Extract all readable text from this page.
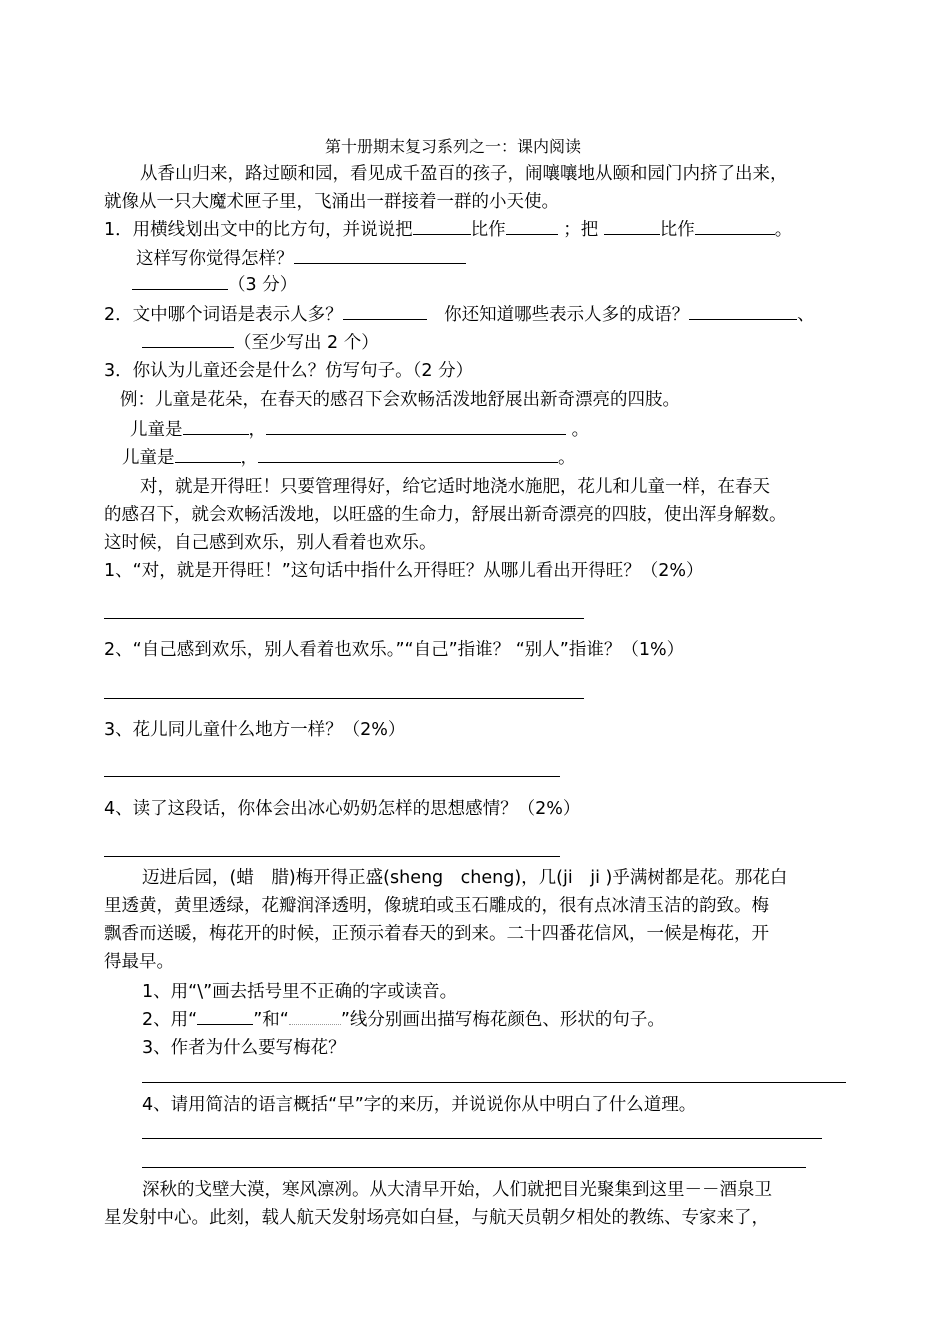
第十册期末复习系列之一：课内阅读
从香山归来，路过颐和园，看见成千盈百的孩子，闹嚷嚷地从颐和园门内挤了出来，
就像从一只大魔术匣子里，飞涌出一群接着一群的小天使。
1．用横线划出文中的比方句，并说说把	比作	；把	比作	。
这样写你觉得怎样？
（3 分）
2．文中哪个词语是表示人多？　	你还知道哪些表示人多的成语？	、
（至少写出 2 个）
3．你认为儿童还会是什么？仿写句子。（2 分）
例：儿童是花朵，在春天的感召下会欢畅活泼地舒展出新奇漂亮的四肢。
儿童是	，	。
儿童是	，	。
对，就是开得旺！只要管理得好，给它适时地浇水施肥，花儿和儿童一样，在春天
的感召下，就会欢畅活泼地，以旺盛的生命力，舒展出新奇漂亮的四肢，使出浑身解数。
这时候，自己感到欢乐，别人看着也欢乐。
1、“对，就是开得旺！”这句话中指什么开得旺？从哪儿看出开得旺？（2%）
2、“自己感到欢乐，别人看着也欢乐。”“自己”指谁？ “别人”指谁？（1%）
3、花儿同儿童什么地方一样？（2%）
4、读了这段话，你体会出冰心奶奶怎样的思想感情？（2%）
迈进后园，(蜡　腊)梅开得正盛(sheng　cheng)，几(ji　ji )乎满树都是花。那花白
里透黄，黄里透绿，花瓣润泽透明，像琥珀或玉石雕成的，很有点冰清玉洁的韵致。梅
飘香而送暖，梅花开的时候，正预示着春天的到来。二十四番花信风，一候是梅花，开
得最早。
1、用“\”画去括号里不正确的字或读音。
2、用“	”和“	”线分别画出描写梅花颜色、形状的句子。
3、作者为什么要写梅花？
4、请用简洁的语言概括“早”字的来历，并说说你从中明白了什么道理。
深秋的戈壁大漠，寒风凛冽。从大清早开始，人们就把目光聚集到这里－－酒泉卫
星发射中心。此刻，载人航天发射场亮如白昼，与航天员朝夕相处的教练、专家来了，
